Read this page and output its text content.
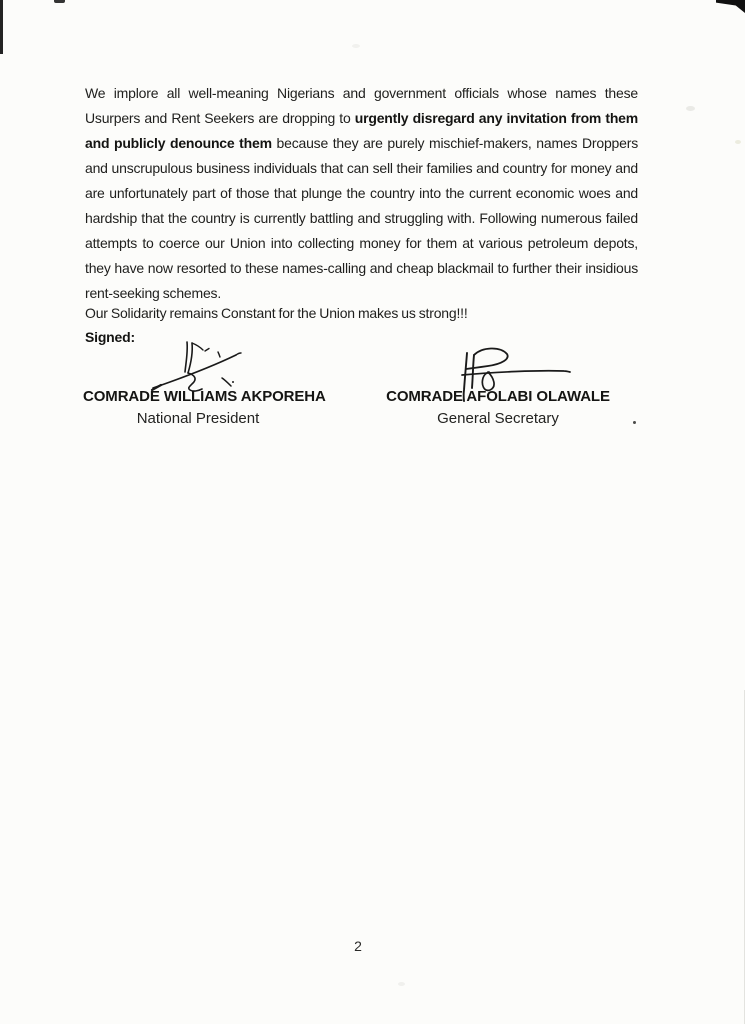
We implore all well-meaning Nigerians and government officials whose names these Usurpers and Rent Seekers are dropping to urgently disregard any invitation from them and publicly denounce them because they are purely mischief-makers, names Droppers and unscrupulous business individuals that can sell their families and country for money and are unfortunately part of those that plunge the country into the current economic woes and hardship that the country is currently battling and struggling with. Following numerous failed attempts to coerce our Union into collecting money for them at various petroleum depots, they have now resorted to these names-calling and cheap blackmail to further their insidious rent-seeking schemes.
Our Solidarity remains Constant for the Union makes us strong!!!
Signed:
COMRADE WILLIAMS AKPOREHA
National President
COMRADE AFOLABI OLAWALE
General Secretary
2
